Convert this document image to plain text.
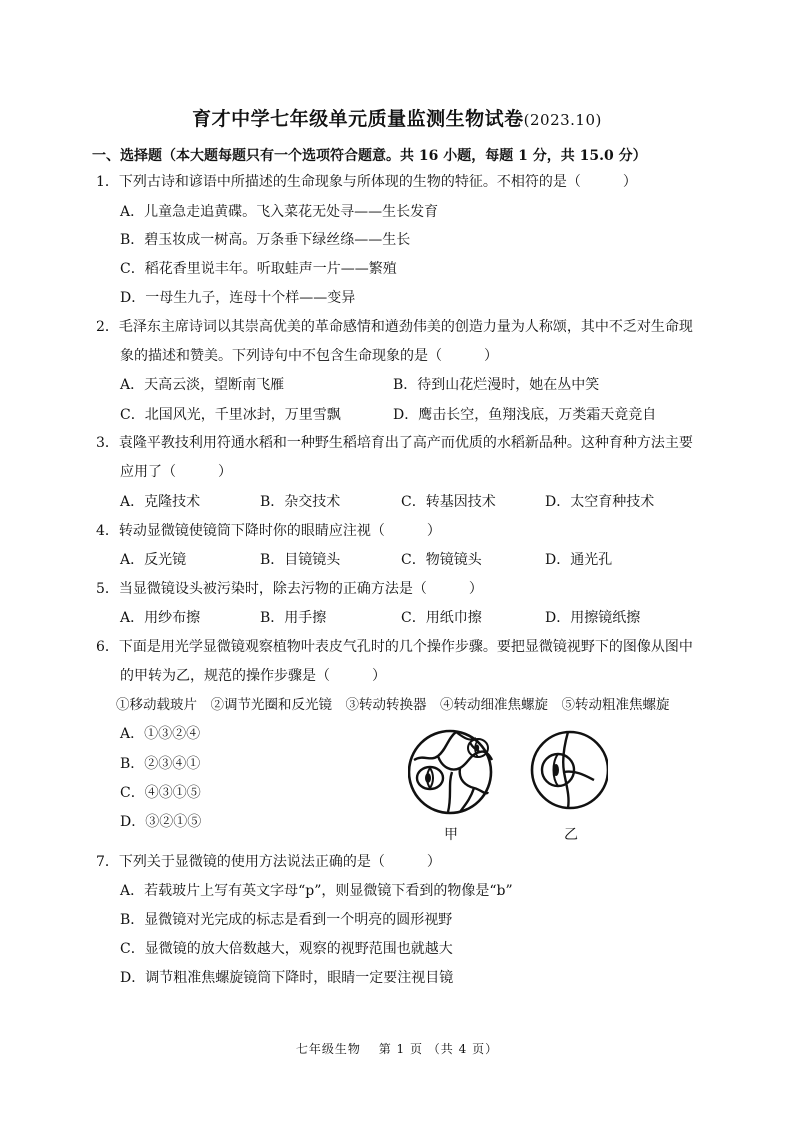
育才中学七年级单元质量监测生物试卷(2023.10)
一、选择题（本大题每题只有一个选项符合题意。共 16 小题，每题 1 分，共 15.0 分）
1．下列古诗和谚语中所描述的生命现象与所体现的生物的特征。不相符的是（　　　）
A．儿童急走追黄碟。飞入菜花无处寻——生长发育
B．碧玉妆成一树高。万条垂下绿丝绦——生长
C．稻花香里说丰年。听取蛙声一片——繁殖
D．一母生九子，连母十个样——变异
2．毛泽东主席诗词以其崇高优美的革命感情和遒劲伟美的创造力量为人称颂，其中不乏对生命现
象的描述和赞美。下列诗句中不包含生命现象的是（　　　）
A．天高云淡，望断南飞雁	B．待到山花烂漫时，她在丛中笑
C．北国风光，千里冰封，万里雪飘	D．鹰击长空，鱼翔浅底，万类霜天竟竞自
3．袁隆平教技利用符通水稻和一种野生稻培育出了高产而优质的水稻新品种。这种育种方法主要
应用了（　　　）
A．克隆技术	B．杂交技术	C．转基因技术	D．太空育种技术
4．转动显微镜使镜筒下降时你的眼睛应注视（　　　）
A．反光镜	B．目镜镜头	C．物镜镜头	D．通光孔
5．当显微镜设头被污染时，除去污物的正确方法是（　　　）
A．用纱布擦	B．用手擦	C．用纸巾擦	D．用擦镜纸擦
6．下面是用光学显微镜观察植物叶表皮气孔时的几个操作步骤。要把显微镜视野下的图像从图中
的甲转为乙，规范的操作步骤是（　　　）
①移动载玻片　②调节光圈和反光镜　③转动转换器　④转动细准焦螺旋　⑤转动粗准焦螺旋
A．①③②④
B．②③④①
C．④③①⑤
D．③②①⑤
甲	乙
7．下列关于显微镜的使用方法说法正确的是（　　　）
A．若载玻片上写有英文字母“p”，则显微镜下看到的物像是“b”
B．显微镜对光完成的标志是看到一个明亮的圆形视野
C．显微镜的放大倍数越大，观察的视野范围也就越大
D．调节粗准焦螺旋镜筒下降时，眼睛一定要注视目镜
七年级生物　 第 1 页 （共 4 页）
